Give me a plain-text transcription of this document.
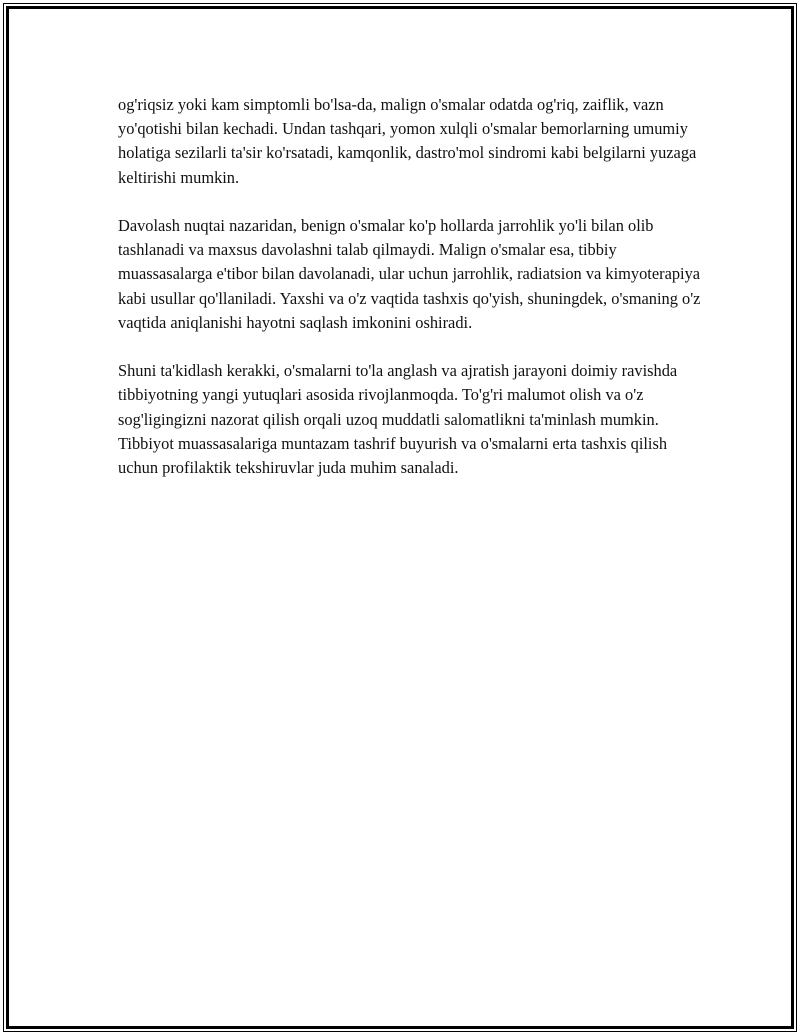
og'riqsiz yoki kam simptomli bo'lsa-da, malign o'smalar odatda og'riq, zaiflik, vazn yo'qotishi bilan kechadi. Undan tashqari, yomon xulqli o'smalar bemorlarning umumiy holatiga sezilarli ta'sir ko'rsatadi, kamqonlik, dastro'mol sindromi kabi belgilarni yuzaga keltirishi mumkin.

Davolash nuqtai nazaridan, benign o'smalar ko'p hollarda jarrohlik yo'li bilan olib tashlanadi va maxsus davolashni talab qilmaydi. Malign o'smalar esa, tibbiy muassasalarga e'tibor bilan davolanadi, ular uchun jarrohlik, radiatsion va kimyoterapiya kabi usullar qo'llaniladi. Yaxshi va o'z vaqtida tashxis qo'yish, shuningdek, o'smaning o'z vaqtida aniqlanishi hayotni saqlash imkonini oshiradi.

Shuni ta'kidlash kerakki, o'smalarni to'la anglash va ajratish jarayoni doimiy ravishda tibbiyotning yangi yutuqlari asosida rivojlanmoqda. To'g'ri malumot olish va o'z sog'ligingizni nazorat qilish orqali uzoq muddatli salomatlikni ta'minlash mumkin. Tibbiyot muassasalariga muntazam tashrif buyurish va o'smalarni erta tashxis qilish uchun profilaktik tekshiruvlar juda muhim sanaladi.
